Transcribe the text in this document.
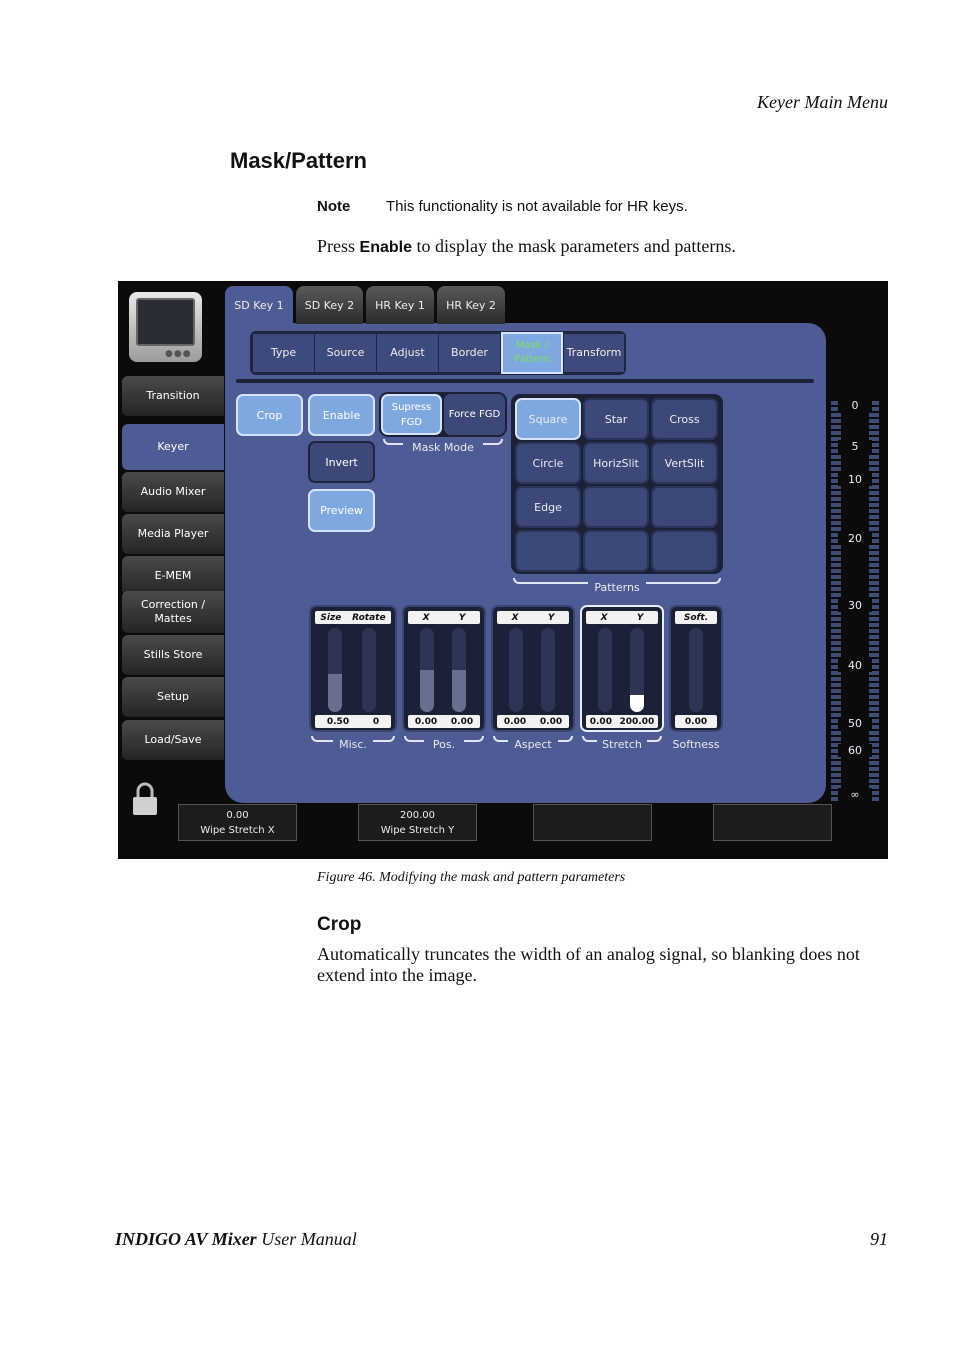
Keyer Main Menu
Mask/Pattern
Note This functionality is not available for HR keys.
Press Enable to display the mask parameters and patterns.
●●●
Transition
Keyer
Audio Mixer
Media Player
E-MEM
Correction / Mattes
Stills Store
Setup
Load/Save
SD Key 1	SD Key 2	HR Key 1	HR Key 2
Type	Source	Adjust	Border
Mask / Pattern
Transform
Crop	Enable
Invert
Preview
Supress FGD
Force FGD
Mask Mode
Square	Star	Cross
Circle	HorizSlit	VertSlit
Edge
Patterns
Size Rotate
0.50	0
Misc.
X	Y
0.00 0.00
Pos.
X	Y
0.00 0.00
Aspect
X	Y
0.00 200.00
Stretch
Soft.
0.00
Softness
0
5
10
20
30
40
50
60
∞
0.00
Wipe Stretch X
200.00
Wipe Stretch Y
Figure 46. Modifying the mask and pattern parameters
Crop
Automatically truncates the width of an analog signal, so blanking does not extend into the image.
INDIGO AV Mixer User Manual	91
